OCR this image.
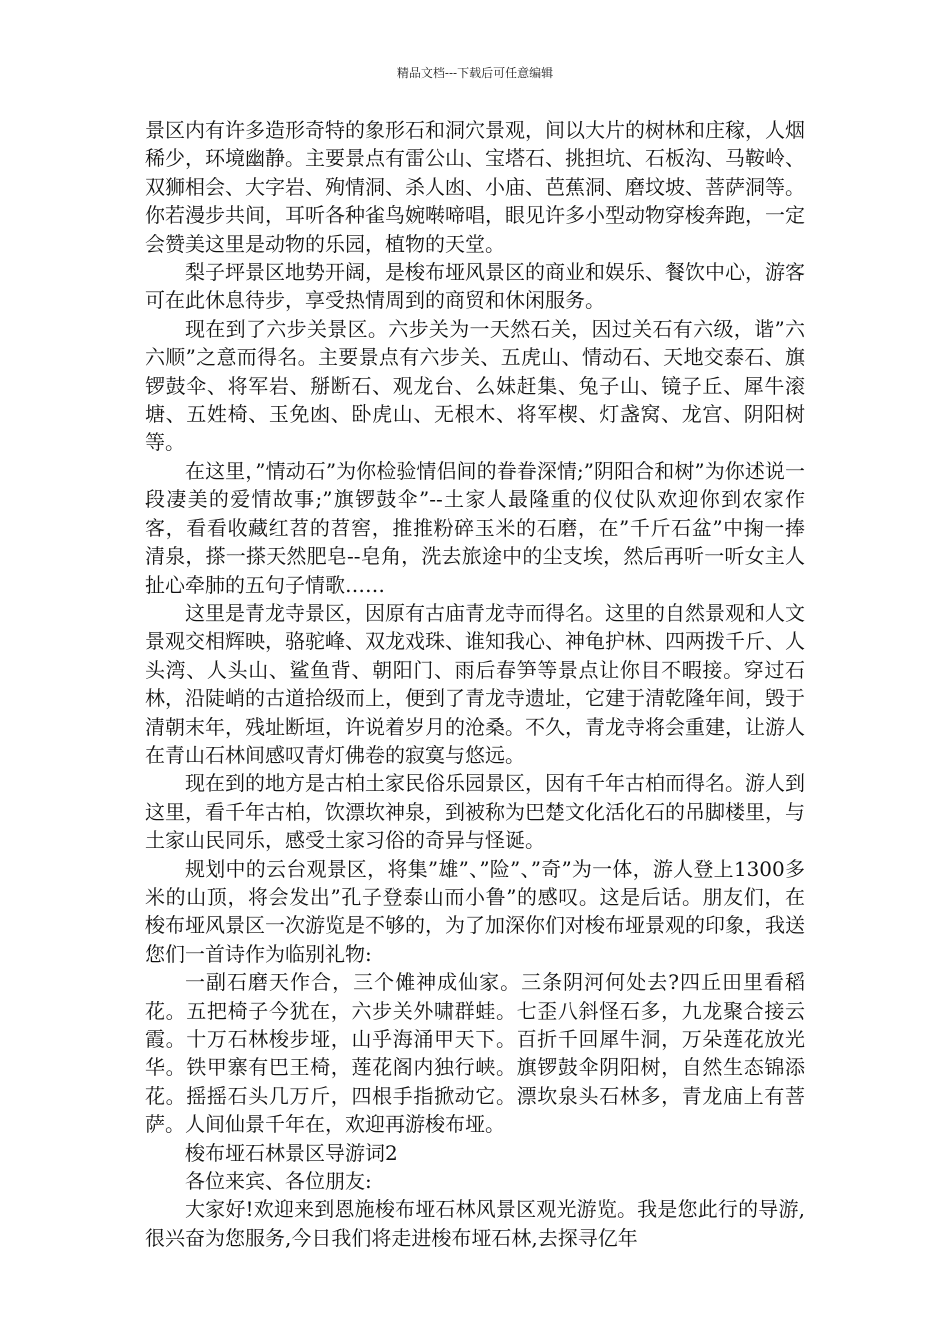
精品文档---下载后可任意编辑

景区内有许多造形奇特的象形石和洞穴景观，间以大片的树林和庄稼，人烟稀少，环境幽静。主要景点有雷公山、宝塔石、挑担坑、石板沟、马鞍岭、双狮相会、大字岩、殉情洞、杀人凼、小庙、芭蕉洞、磨坟坡、菩萨洞等。你若漫步共间，耳听各种雀鸟婉啭啼唱，眼见许多小型动物穿梭奔跑，一定会赞美这里是动物的乐园，植物的天堂。

梨子坪景区地势开阔，是梭布垭风景区的商业和娱乐、餐饮中心，游客可在此休息待步，享受热情周到的商贸和休闲服务。

现在到了六步关景区。六步关为一天然石关，因过关石有六级，谐”六六顺”之意而得名。主要景点有六步关、五虎山、情动石、天地交泰石、旗锣鼓伞、将军岩、掰断石、观龙台、么妹赶集、兔子山、镜子丘、犀牛滚塘、五姓椅、玉免凼、卧虎山、无根木、将军楔、灯盏窝、龙宫、阴阳树等。

在这里，”情动石”为你检验情侣间的眷眷深情;”阴阳合和树”为你述说一段凄美的爱情故事;”旗锣鼓伞”--土家人最隆重的仪仗队欢迎你到农家作客，看看收藏红苕的苕窖，推推粉碎玉米的石磨，在”千斤石盆”中掬一捧清泉，搽一搽天然肥皂--皂角，洗去旅途中的尘支埃，然后再听一听女主人扯心牵肺的五句子情歌……

这里是青龙寺景区，因原有古庙青龙寺而得名。这里的自然景观和人文景观交相辉映，骆驼峰、双龙戏珠、谁知我心、神龟护林、四两拨千斤、人头湾、人头山、鲨鱼背、朝阳门、雨后春笋等景点让你目不暇接。穿过石林，沿陡峭的古道拾级而上，便到了青龙寺遗址，它建于清乾隆年间，毁于清朝末年，残址断垣，许说着岁月的沧桑。不久，青龙寺将会重建，让游人在青山石林间感叹青灯佛卷的寂寞与悠远。

现在到的地方是古柏土家民俗乐园景区，因有千年古柏而得名。游人到这里，看千年古柏，饮漂坎神泉，到被称为巴楚文化活化石的吊脚楼里，与土家山民同乐，感受土家习俗的奇异与怪诞。

规划中的云台观景区，将集”雄”、”险”、”奇”为一体，游人登上1300多米的山顶，将会发出”孔子登泰山而小鲁”的感叹。这是后话。朋友们，在梭布垭风景区一次游览是不够的，为了加深你们对梭布垭景观的印象，我送您们一首诗作为临别礼物:

一副石磨天作合，三个傩神成仙家。三条阴河何处去?四丘田里看稻花。五把椅子今犹在，六步关外啸群蛙。七歪八斜怪石多，九龙聚合接云霞。十万石林梭步垭，山乎海涌甲天下。百折千回犀牛洞，万朵莲花放光华。铁甲寨有巴王椅，莲花阁内独行峡。旗锣鼓伞阴阳树，自然生态锦添花。摇摇石头几万斤，四根手指掀动它。漂坎泉头石林多，青龙庙上有菩萨。人间仙景千年在，欢迎再游梭布垭。

梭布垭石林景区导游词2

各位来宾、各位朋友:

大家好!欢迎来到恩施梭布垭石林风景区观光游览。我是您此行的导游,很兴奋为您服务,今日我们将走进梭布垭石林,去探寻亿年
